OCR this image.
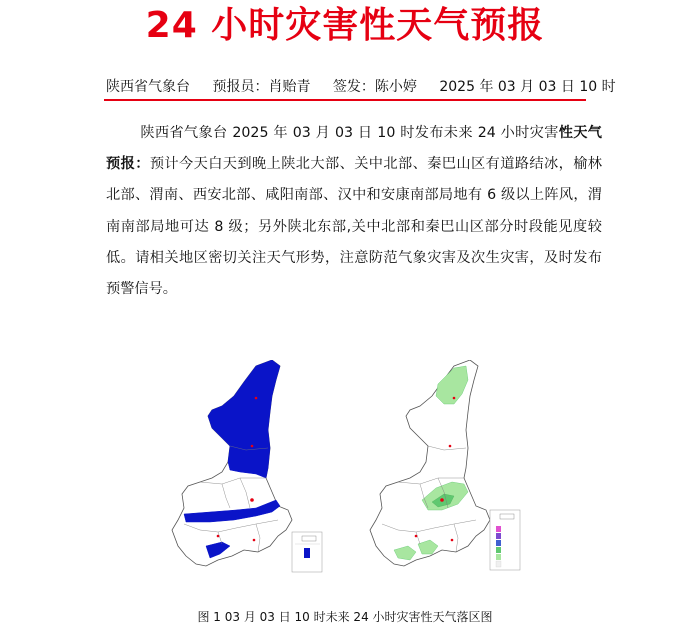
24 小时灾害性天气预报
陕西省气象台 预报员：肖贻青 签发：陈小婷 2025 年 03 月 03 日 10 时
陕西省气象台 2025 年 03 月 03 日 10 时发布未来 24 小时灾害性天气预报：预计今天白天到晚上陕北大部、关中北部、秦巴山区有道路结冰，榆林北部、渭南、西安北部、咸阳南部、汉中和安康南部局地有 6 级以上阵风，渭南南部局地可达 8 级；另外陕北东部,关中北部和秦巴山区部分时段能见度较低。请相关地区密切关注天气形势，注意防范气象灾害及次生灾害，及时发布预警信号。
图 1 03 月 03 日 10 时未来 24 小时灾害性天气落区图
